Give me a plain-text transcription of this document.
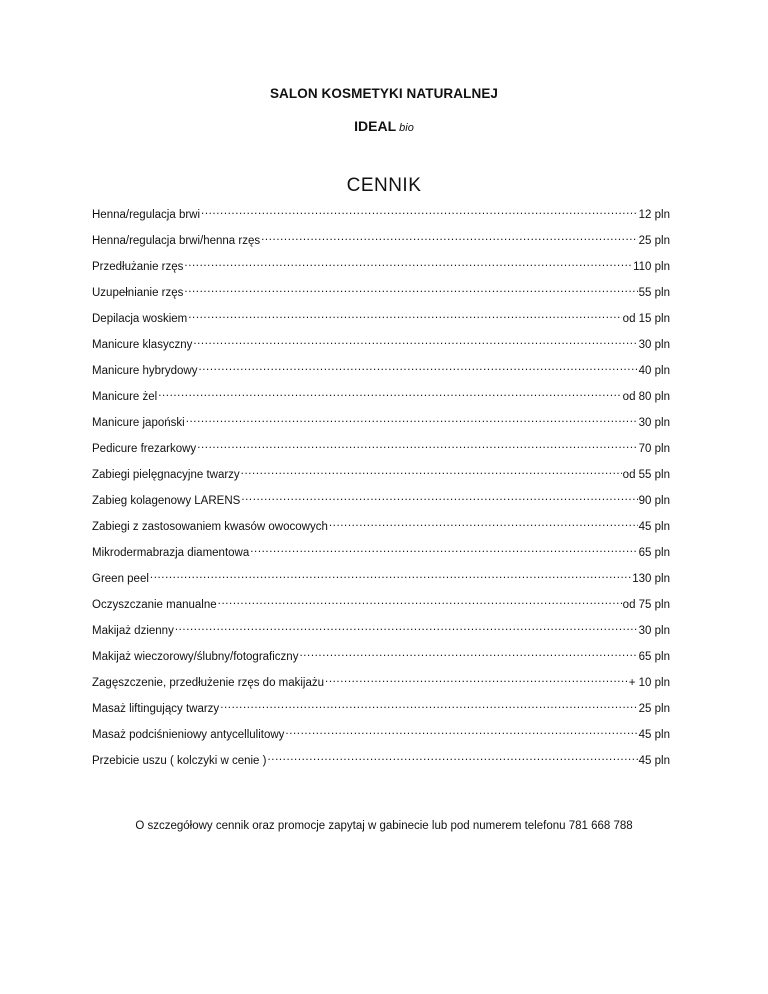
SALON KOSMETYKI NATURALNEJ
IDEAL bio
CENNIK
Henna/regulacja brwi .....	12 pln
Henna/regulacja brwi/henna rzęs .....	25 pln
Przedłużanie rzęs .....	110 pln
Uzupełnianie rzęs .....	55 pln
Depilacja woskiem .....	od 15 pln
Manicure klasyczny .....	30 pln
Manicure hybrydowy .....	40 pln
Manicure żel .....	od 80 pln
Manicure japoński .....	30 pln
Pedicure frezarkowy .....	70 pln
Zabiegi pielęgnacyjne twarzy .....	od 55 pln
Zabieg kolagenowy LARENS .....	90 pln
Zabiegi z zastosowaniem kwasów owocowych .....	45 pln
Mikrodermabrazja diamentowa .....	65 pln
Green peel .....	130 pln
Oczyszczanie manualne .....	od 75 pln
Makijaż dzienny .....	30 pln
Makijaż wieczorowy/ślubny/fotograficzny .....	65 pln
Zagęszczenie, przedłużenie rzęs do makijażu .....	+ 10 pln
Masaż liftingujący twarzy .....	25 pln
Masaż podciśnieniowy antycellulitowy .....	45 pln
Przebicie uszu ( kolczyki w cenie ) .....	45 pln
O szczegółowy cennik oraz promocje zapytaj w gabinecie lub pod numerem telefonu 781 668 788
